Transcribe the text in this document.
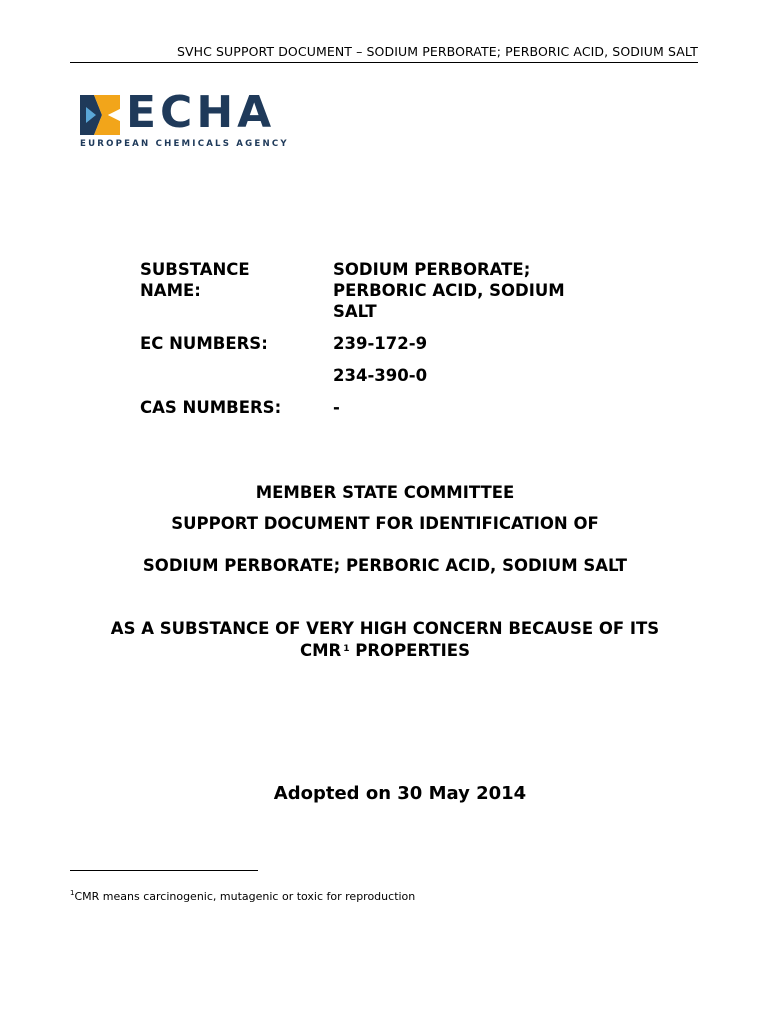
SVHC SUPPORT DOCUMENT – SODIUM PERBORATE; PERBORIC ACID, SODIUM SALT
ECHA
EUROPEAN CHEMICALS AGENCY
SUBSTANCE
NAME:
SODIUM PERBORATE;
PERBORIC ACID, SODIUM
SALT
EC NUMBERS:	239-172-9
234-390-0
CAS NUMBERS:	-
MEMBER STATE COMMITTEE
SUPPORT DOCUMENT FOR IDENTIFICATION OF
SODIUM PERBORATE; PERBORIC ACID, SODIUM SALT
AS A SUBSTANCE OF VERY HIGH CONCERN BECAUSE OF ITS
CMR $^1$ PROPERTIES
Adopted on 30 May 2014
$^1$CMR means carcinogenic, mutagenic or toxic for reproduction
